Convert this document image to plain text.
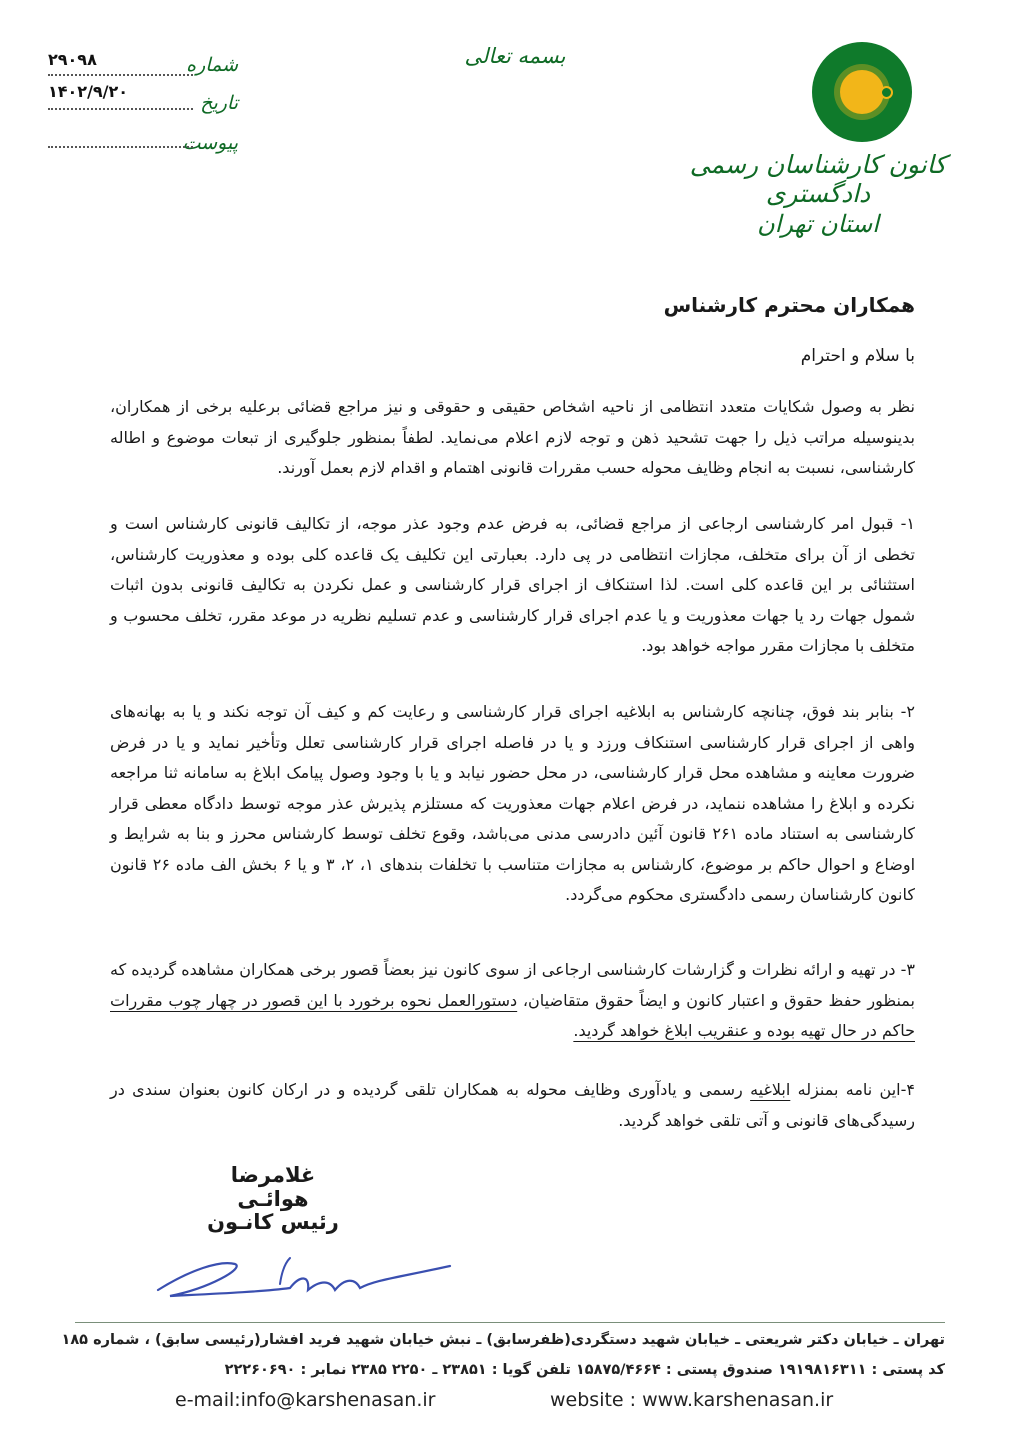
کانون کارشناسان رسمی دادگستری
استان تهران
بسمه تعالی
شماره
۲۹۰۹۸
تاریخ
۱۴۰۲/۹/۲۰
پیوست
همکاران محترم کارشناس
با سلام و احترام
نظر به وصول شکایات متعدد انتظامی از ناحیه اشخاص حقیقی و حقوقی و نیز مراجع قضائی برعلیه برخی از همکاران، بدینوسیله مراتب ذیل را جهت تشحید ذهن و توجه لازم اعلام می‌نماید. لطفاً بمنظور جلوگیری از تبعات موضوع و اطاله کارشناسی، نسبت به انجام وظایف محوله حسب مقررات قانونی اهتمام و اقدام لازم بعمل آورند.
۱- قبول امر کارشناسی ارجاعی از مراجع قضائی، به فرض عدم وجود عذر موجه، از تکالیف قانونی کارشناس است و تخطی از آن برای متخلف، مجازات انتظامی در پی دارد. بعبارتی این تکلیف یک قاعده کلی بوده و معذوریت کارشناس، استثنائی بر این قاعده کلی است. لذا استنکاف از اجرای قرار کارشناسی و عمل نکردن به تکالیف قانونی بدون اثبات شمول جهات رد یا جهات معذوریت و یا عدم اجرای قرار کارشناسی و عدم تسلیم نظریه در موعد مقرر، تخلف محسوب و متخلف با مجازات مقرر مواجه خواهد بود.
۲- بنابر بند فوق، چنانچه کارشناس به ابلاغیه اجرای قرار کارشناسی و رعایت کم و کیف آن توجه نکند و یا به بهانه‌های واهی از اجرای قرار کارشناسی استنکاف ورزد و یا در فاصله اجرای قرار کارشناسی تعلل وتأخیر نماید و یا در فرض ضرورت معاینه و مشاهده محل قرار کارشناسی، در محل حضور نیابد و یا با وجود وصول پیامک ابلاغ به سامانه ثنا مراجعه نکرده و ابلاغ را مشاهده ننماید، در فرض اعلام جهات معذوریت که مستلزم پذیرش عذر موجه توسط دادگاه معطی قرار کارشناسی به استناد ماده ۲۶۱ قانون آئین دادرسی مدنی می‌باشد، وقوع تخلف توسط کارشناس محرز و بنا به شرایط و اوضاع و احوال حاکم بر موضوع، کارشناس به مجازات متناسب با تخلفات بندهای ۱، ۲، ۳ و یا ۶ بخش الف ماده ۲۶ قانون کانون کارشناسان رسمی دادگستری محکوم می‌گردد.
۳- در تهیه و ارائه نظرات و گزارشات کارشناسی ارجاعی از سوی کانون نیز بعضاً قصور برخی همکاران مشاهده گردیده که بمنظور حفظ حقوق و اعتبار کانون و ایضاً حقوق متقاضیان، دستورالعمل نحوه برخورد با این قصور در چهار چوب مقررات حاکم در حال تهیه بوده و عنقریب ابلاغ خواهد گردید.
۴-این نامه بمنزله ابلاغیه رسمی و یادآوری وظایف محوله به همکاران تلقی گردیده و در ارکان کانون بعنوان سندی در رسیدگی‌های قانونی و آتی تلقی خواهد گردید.
غلامرضا هوائـی
رئیس کانـون
تهران ـ خیابان دکتر شریعتی ـ خیابان شهید دستگردی(ظفرسابق) ـ نبش خیابان شهید فرید افشار(رئیسی سابق) ، شماره ۱۸۵
کد پستی : ۱۹۱۹۸۱۶۳۱۱ صندوق پستی : ۱۵۸۷۵/۴۶۶۴ تلفن گویا : ۲۳۸۵۱ ـ ۲۲۵۰ ۲۳۸۵ نمابر : ۲۲۲۶۰۶۹۰
e-mail:info@karshenasan.ir	website : www.karshenasan.ir
